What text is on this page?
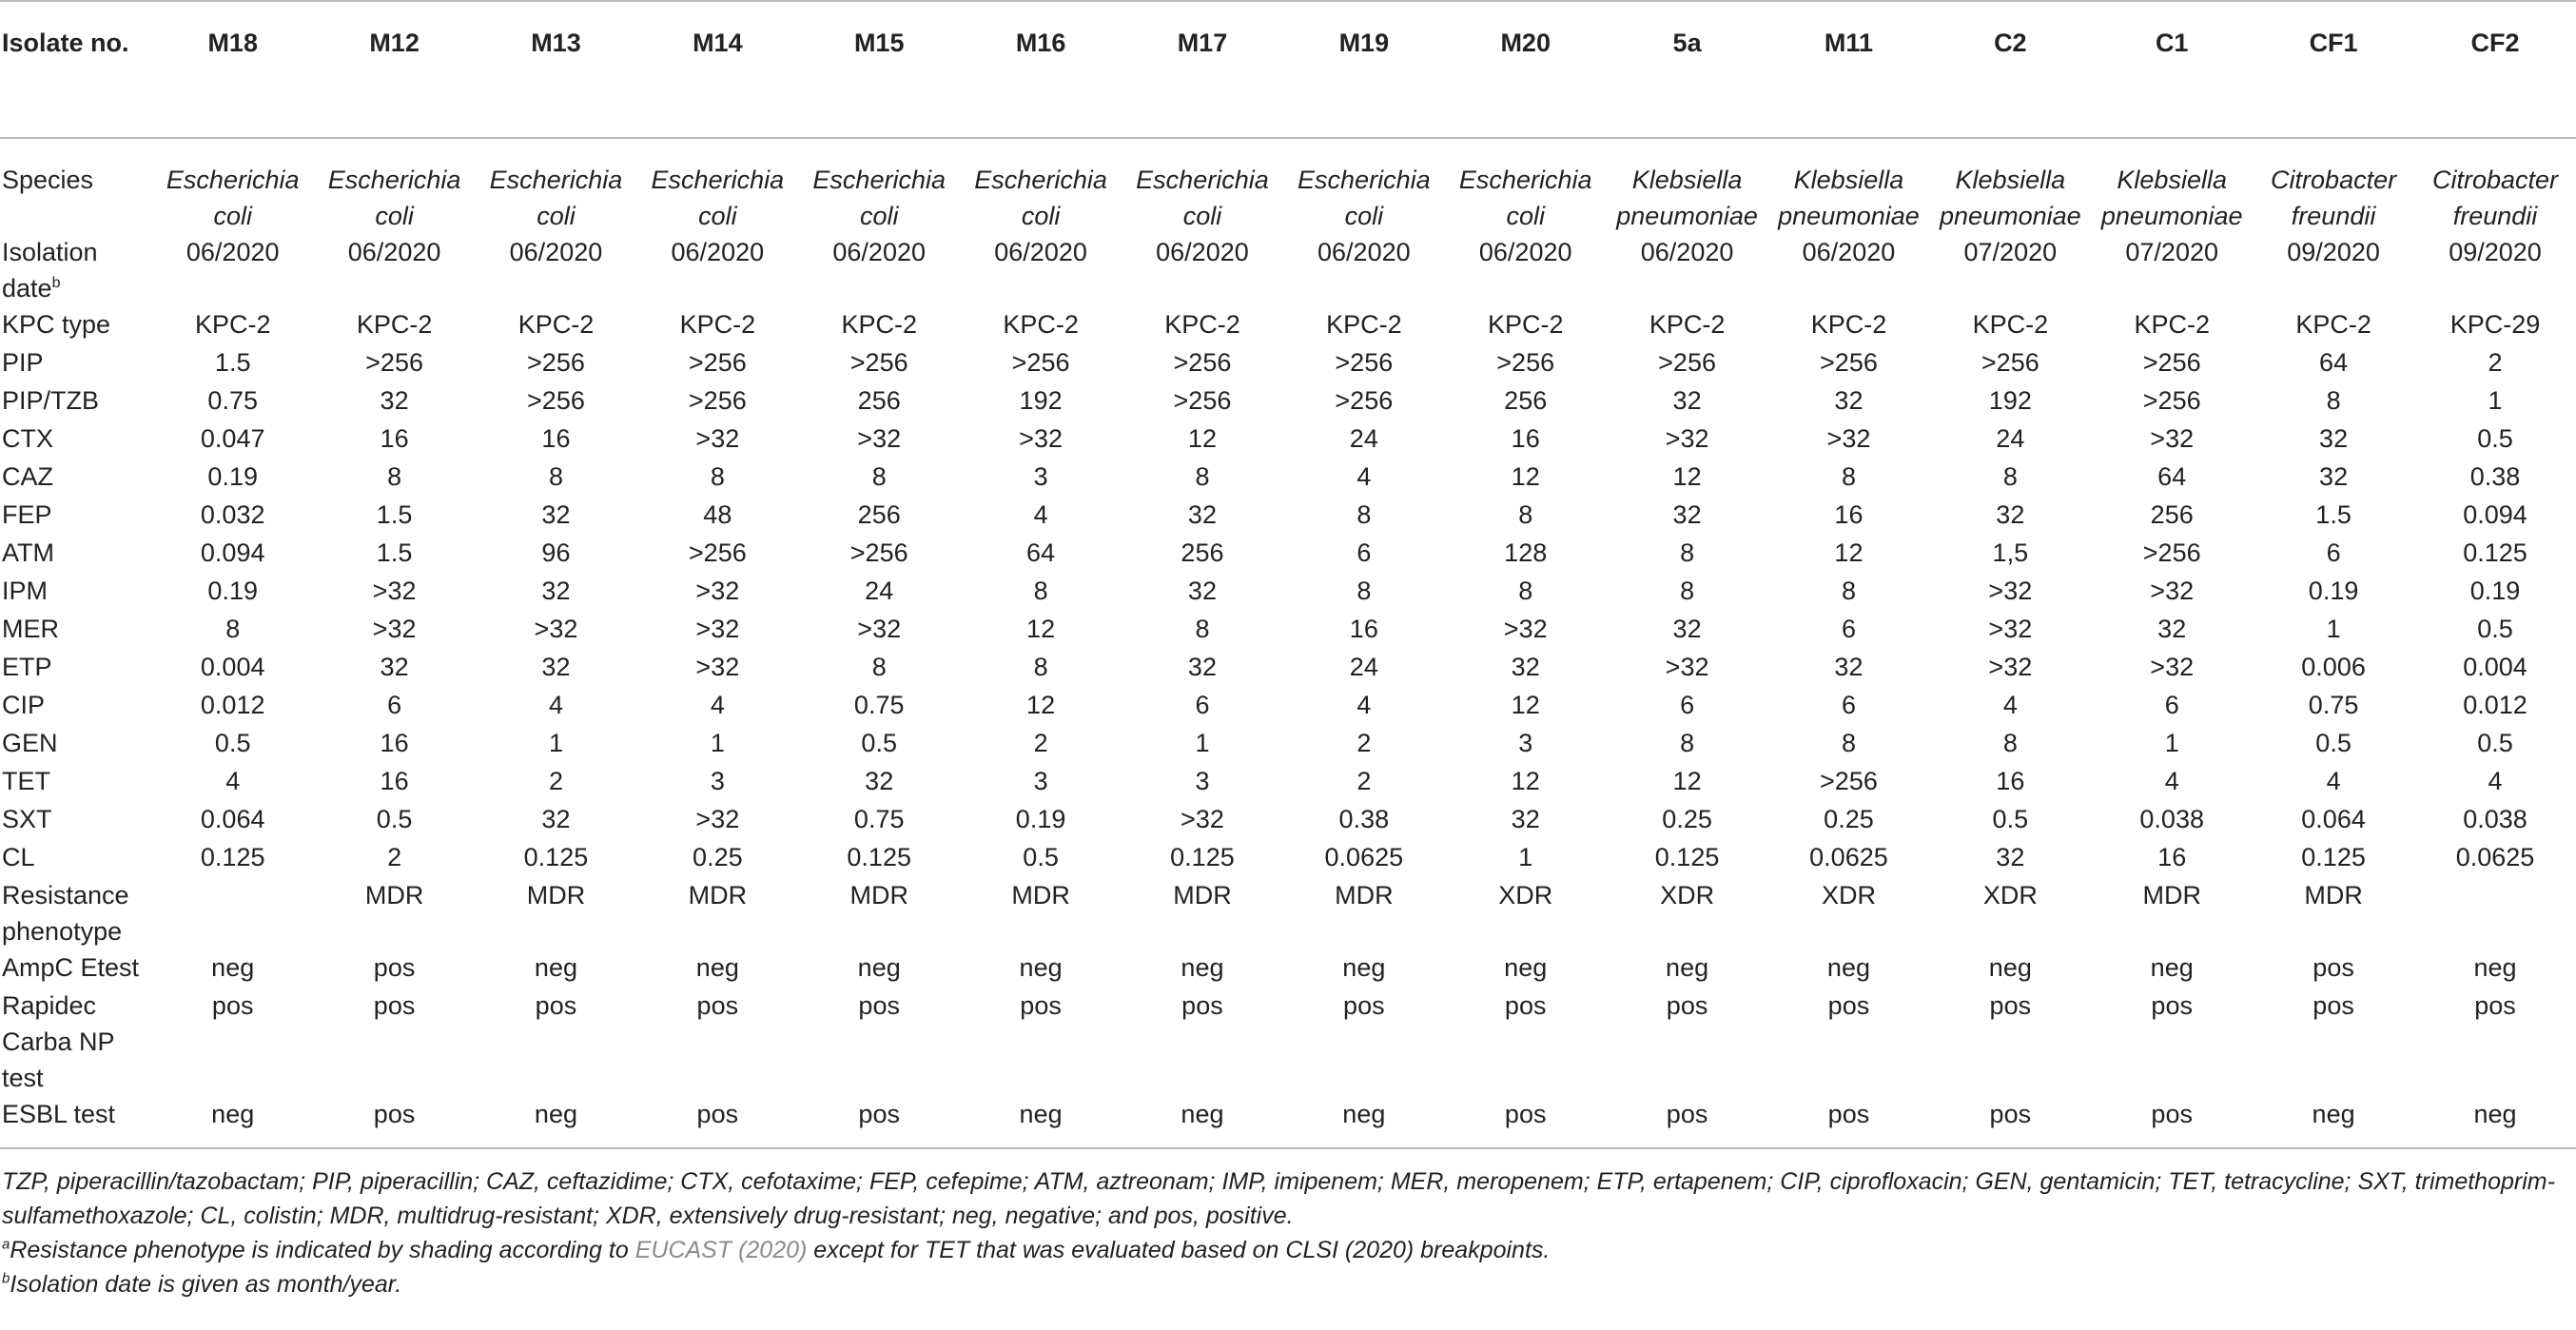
Isolate no.	M18	M12	M13	M14	M15	M16	M17	M19	M20	5a	M11	C2	C1	CF1	CF2
Species	Escherichia coli	Escherichia coli	Escherichia coli	Escherichia coli	Escherichia coli	Escherichia coli	Escherichia coli	Escherichia coli	Escherichia coli	Klebsiella pneumoniae	Klebsiella pneumoniae	Klebsiella pneumoniae	Klebsiella pneumoniae	Citrobacter freundii	Citrobacter freundii
Isolation date$^b$	06/2020	06/2020	06/2020	06/2020	06/2020	06/2020	06/2020	06/2020	06/2020	06/2020	06/2020	07/2020	07/2020	09/2020	09/2020
KPC type	KPC-2	KPC-2	KPC-2	KPC-2	KPC-2	KPC-2	KPC-2	KPC-2	KPC-2	KPC-2	KPC-2	KPC-2	KPC-2	KPC-2	KPC-29
PIP	1.5	>256	>256	>256	>256	>256	>256	>256	>256	>256	>256	>256	>256	64	2
PIP/TZB	0.75	32	>256	>256	256	192	>256	>256	256	32	32	192	>256	8	1
CTX	0.047	16	16	>32	>32	>32	12	24	16	>32	>32	24	>32	32	0.5
CAZ	0.19	8	8	8	8	3	8	4	12	12	8	8	64	32	0.38
FEP	0.032	1.5	32	48	256	4	32	8	8	32	16	32	256	1.5	0.094
ATM	0.094	1.5	96	>256	>256	64	256	6	128	8	12	1,5	>256	6	0.125
IPM	0.19	>32	32	>32	24	8	32	8	8	8	8	>32	>32	0.19	0.19
MER	8	>32	>32	>32	>32	12	8	16	>32	32	6	>32	32	1	0.5
ETP	0.004	32	32	>32	8	8	32	24	32	>32	32	>32	>32	0.006	0.004
CIP	0.012	6	4	4	0.75	12	6	4	12	6	6	4	6	0.75	0.012
GEN	0.5	16	1	1	0.5	2	1	2	3	8	8	8	1	0.5	0.5
TET	4	16	2	3	32	3	3	2	12	12	>256	16	4	4	4
SXT	0.064	0.5	32	>32	0.75	0.19	>32	0.38	32	0.25	0.25	0.5	0.038	0.064	0.038
CL	0.125	2	0.125	0.25	0.125	0.5	0.125	0.0625	1	0.125	0.0625	32	16	0.125	0.0625
Resistance phenotype		MDR	MDR	MDR	MDR	MDR	MDR	MDR	XDR	XDR	XDR	XDR	MDR	MDR	
AmpC Etest	neg	pos	neg	neg	neg	neg	neg	neg	neg	neg	neg	neg	neg	pos	neg
Rapidec Carba NP test	pos	pos	pos	pos	pos	pos	pos	pos	pos	pos	pos	pos	pos	pos	pos
ESBL test	neg	pos	neg	pos	pos	neg	neg	neg	pos	pos	pos	pos	pos	neg	neg

TZP, piperacillin/tazobactam; PIP, piperacillin; CAZ, ceftazidime; CTX, cefotaxime; FEP, cefepime; ATM, aztreonam; IMP, imipenem; MER, meropenem; ETP, ertapenem; CIP, ciprofloxacin; GEN, gentamicin; TET, tetracycline; SXT, trimethoprim-sulfamethoxazole; CL, colistin; MDR, multidrug-resistant; XDR, extensively drug-resistant; neg, negative; and pos, positive.

$^a$Resistance phenotype is indicated by shading according to EUCAST (2020) except for TET that was evaluated based on CLSI (2020) breakpoints.

$^b$Isolation date is given as month/year.
